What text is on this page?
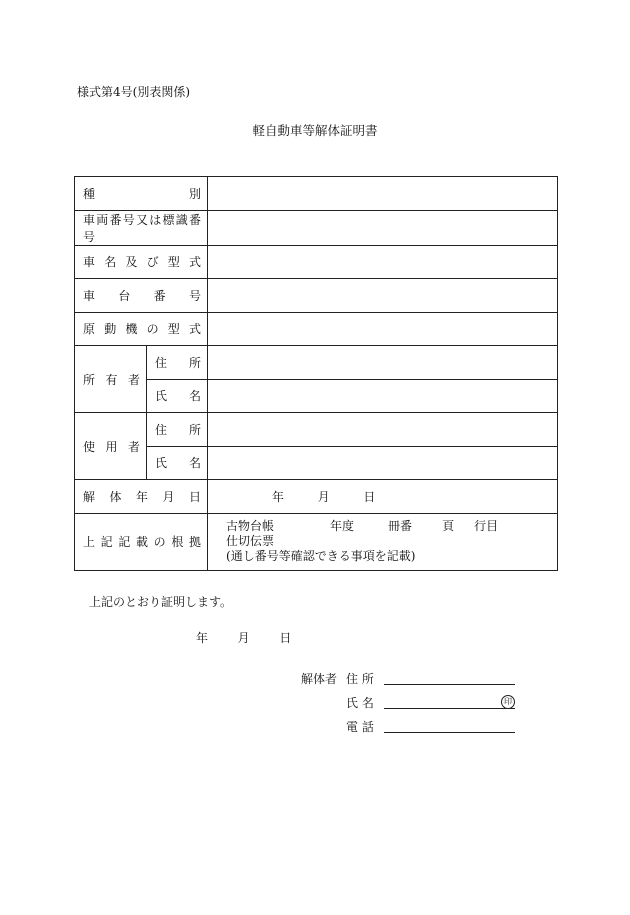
様式第4号(別表関係)
軽自動車等解体証明書
種別		

車両番号又は標識番号		

車名及び型式		

車台番号		

原動機の型式		

所有者	住所	

	氏名	

使用者	住所	

	氏名	

解体年月日		年 月 日

上記記載の根拠		古物台帳 年度 冊番 頁 行目
仕切伝票
(通し番号等確認できる事項を記載)
上記のとおり証明します。
年 月 日
解体者 住 所
氏 名	印
電 話
